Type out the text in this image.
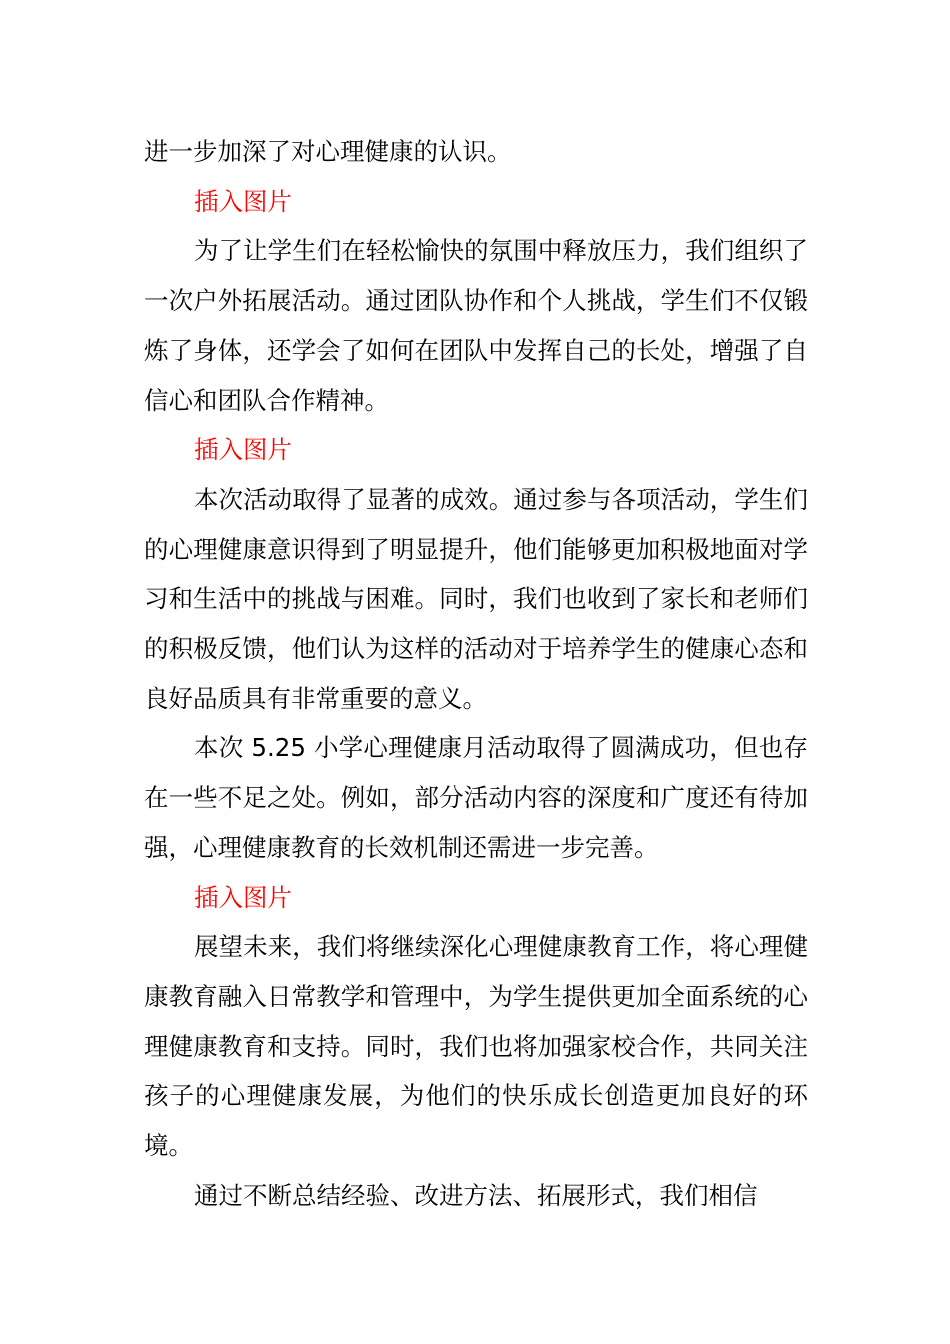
进一步加深了对心理健康的认识。

插入图片

为了让学生们在轻松愉快的氛围中释放压力，我们组织了一次户外拓展活动。通过团队协作和个人挑战，学生们不仅锻炼了身体，还学会了如何在团队中发挥自己的长处，增强了自信心和团队合作精神。

插入图片

本次活动取得了显著的成效。通过参与各项活动，学生们的心理健康意识得到了明显提升，他们能够更加积极地面对学习和生活中的挑战与困难。同时，我们也收到了家长和老师们的积极反馈，他们认为这样的活动对于培养学生的健康心态和良好品质具有非常重要的意义。

本次 5.25 小学心理健康月活动取得了圆满成功，但也存在一些不足之处。例如，部分活动内容的深度和广度还有待加强，心理健康教育的长效机制还需进一步完善。

插入图片

展望未来，我们将继续深化心理健康教育工作，将心理健康教育融入日常教学和管理中，为学生提供更加全面系统的心理健康教育和支持。同时，我们也将加强家校合作，共同关注孩子的心理健康发展，为他们的快乐成长创造更加良好的环境。

通过不断总结经验、改进方法、拓展形式，我们相信
